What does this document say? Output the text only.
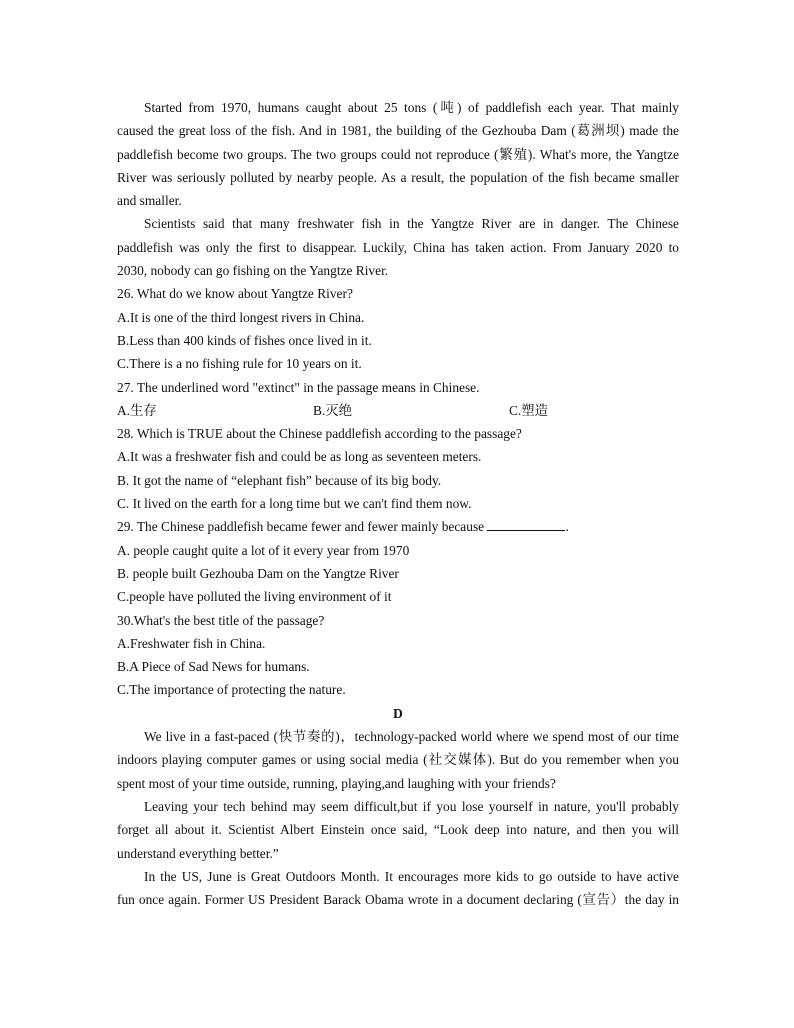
Started from 1970, humans caught about 25 tons (吨) of paddlefish each year. That mainly
caused the great loss of the fish. And in 1981, the building of the Gezhouba Dam (葛洲坝) made the
paddlefish become two groups. The two groups could not reproduce (繁殖). What's more, the Yangtze
River was seriously polluted by nearby people. As a result, the population of the fish became smaller
and smaller.
Scientists said that many freshwater fish in the Yangtze River are in danger. The Chinese
paddlefish was only the first to disappear. Luckily, China has taken action. From January 2020 to
2030, nobody can go fishing on the Yangtze River.
26. What do we know about Yangtze River?
A.It is one of the third longest rivers in China.
B.Less than 400 kinds of fishes once lived in it.
C.There is a no fishing rule for 10 years on it.
27. The underlined word "extinct" in the passage means in Chinese.
A.生存	B.灭绝	C.塑造
28. Which is TRUE about the Chinese paddlefish according to the passage?
A.It was a freshwater fish and could be as long as seventeen meters.
B. It got the name of “elephant fish” because of its big body.
C. It lived on the earth for a long time but we can't find them now.
29. The Chinese paddlefish became fewer and fewer mainly because	.
A. people caught quite a lot of it every year from 1970
B. people built Gezhouba Dam on the Yangtze River
C.people have polluted the living environment of it
30.What's the best title of the passage?
A.Freshwater fish in China.
B.A Piece of Sad News for humans.
C.The importance of protecting the nature.
D
We live in a fast-paced (快节奏的)，technology-packed world where we spend most of our time
indoors playing computer games or using social media (社交媒体). But do you remember when you
spent most of your time outside, running, playing,and laughing with your friends?
Leaving your tech behind may seem difficult,but if you lose yourself in nature, you'll probably
forget all about it. Scientist Albert Einstein once said, “Look deep into nature, and then you will
understand everything better.”
In the US, June is Great Outdoors Month. It encourages more kids to go outside to have active
fun once again. Former US President Barack Obama wrote in a document declaring (宣告）the day in
